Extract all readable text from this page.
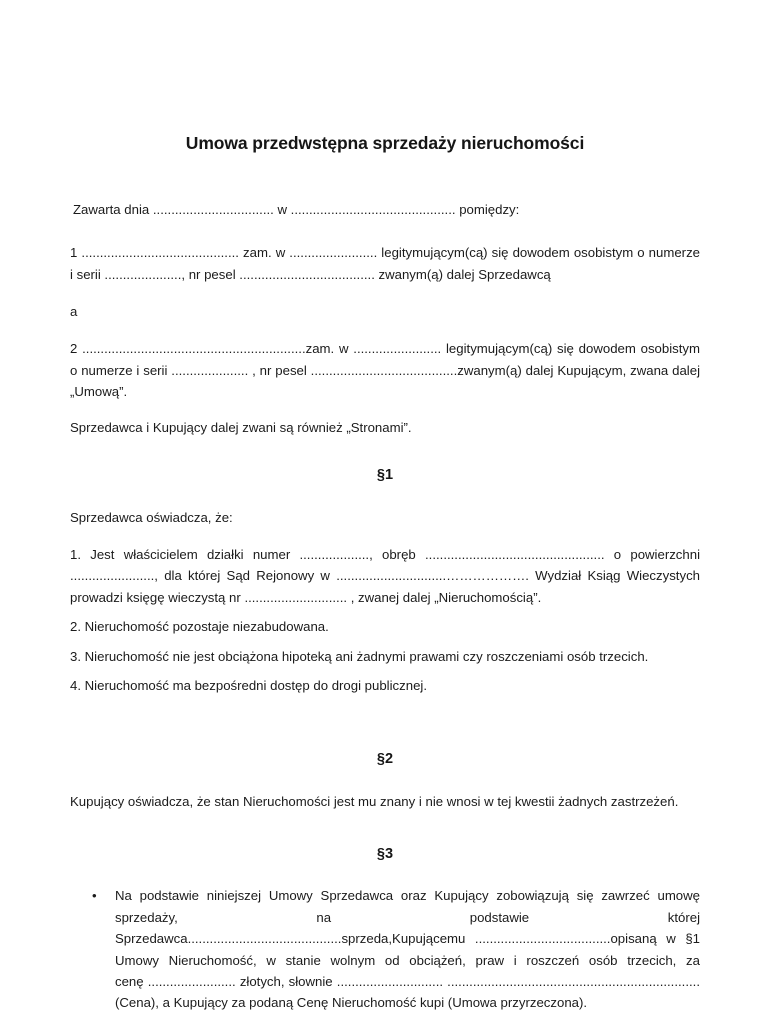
Umowa przedwstępna sprzedaży nieruchomości

Zawarta dnia ................................. w ............................................. pomiędzy:

1 ........................................... zam. w ........................ legitymującym(cą) się dowodem osobistym o numerze i serii ....................., nr pesel ..................................... zwanym(ą) dalej Sprzedawcą

a

2 .............................................................zam. w ........................ legitymującym(cą) się dowodem osobistym o numerze i serii ..................... , nr pesel ........................................zwanym(ą) dalej Kupującym, zwana dalej „Umową”.

Sprzedawca i Kupujący dalej zwani są również „Stronami”.

§1

Sprzedawca oświadcza, że:

1. Jest właścicielem działki numer ..................., obręb ................................................. o powierzchni ......................., dla której Sąd Rejonowy w ..............................………………. Wydział Ksiąg Wieczystych prowadzi księgę wieczystą nr ............................ , zwanej dalej „Nieruchomością”.

2. Nieruchomość pozostaje niezabudowana.

3. Nieruchomość nie jest obciążona hipoteką ani żadnymi prawami czy roszczeniami osób trzecich.

4. Nieruchomość ma bezpośredni dostęp do drogi publicznej.

§2

Kupujący oświadcza, że stan Nieruchomości jest mu znany i nie wnosi w tej kwestii żadnych zastrzeżeń.

§3
•	Na podstawie niniejszej Umowy Sprzedawca oraz Kupujący zobowiązują się zawrzeć umowę
sprzedaży, na podstawie której
Sprzedawca..........................................sprzeda,Kupującemu .....................................opisaną w §1
Umowy Nieruchomość, w stanie wolnym od obciążeń, praw i roszczeń osób trzecich, za
cenę ........................ złotych, słownie ............................. .....................................................................
(Cena), a Kupujący za podaną Cenę Nieruchomość kupi (Umowa przyrzeczona).
